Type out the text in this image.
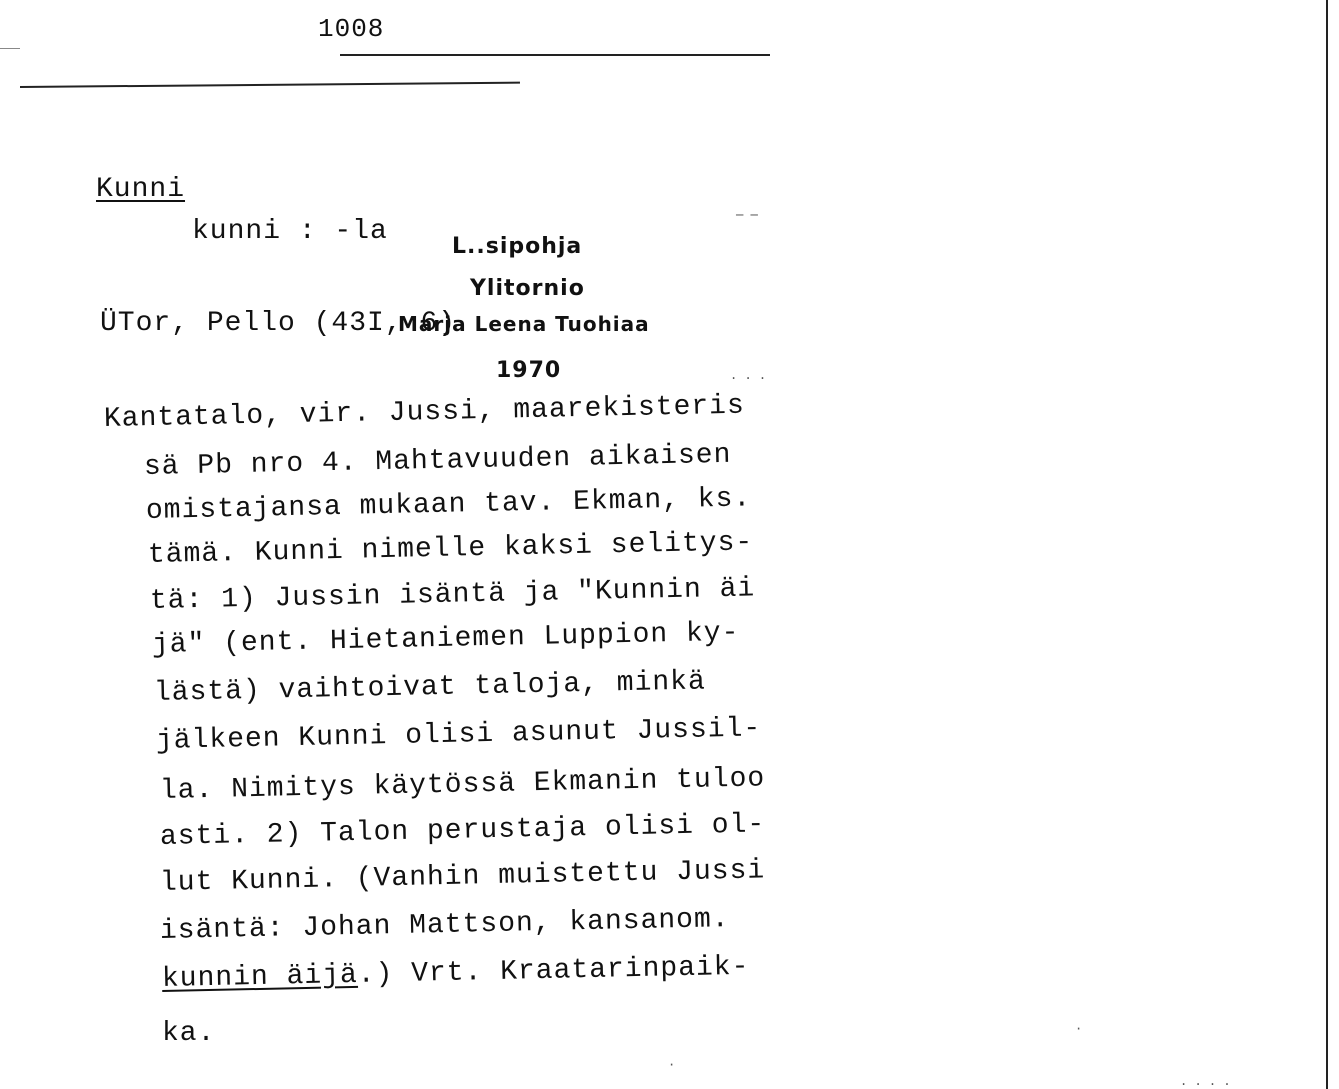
1008
Kunni
kunni : -la	L..sipohja
Ylitornio
Marja Leena Tuohiaa
1970
─ ─
. . .
ÜTor, Pello (43I, 6)
Kantatalo, vir. Jussi, maarekisteris
sä Pb nro 4. Mahtavuuden aikaisen
omistajansa mukaan tav. Ekman, ks.
tämä. Kunni nimelle kaksi selitys-
tä: 1) Jussin isäntä ja "Kunnin äi
jä" (ent. Hietaniemen Luppion ky-
lästä) vaihtoivat taloja, minkä
jälkeen Kunni olisi asunut Jussil-
la. Nimitys käytössä Ekmanin tuloo
asti. 2) Talon perustaja olisi ol-
lut Kunni. (Vanhin muistettu Jussi
isäntä: Johan Mattson, kansanom.
kunnin äijä.) Vrt. Kraatarinpaik-
ka.	·
·
. . . .
